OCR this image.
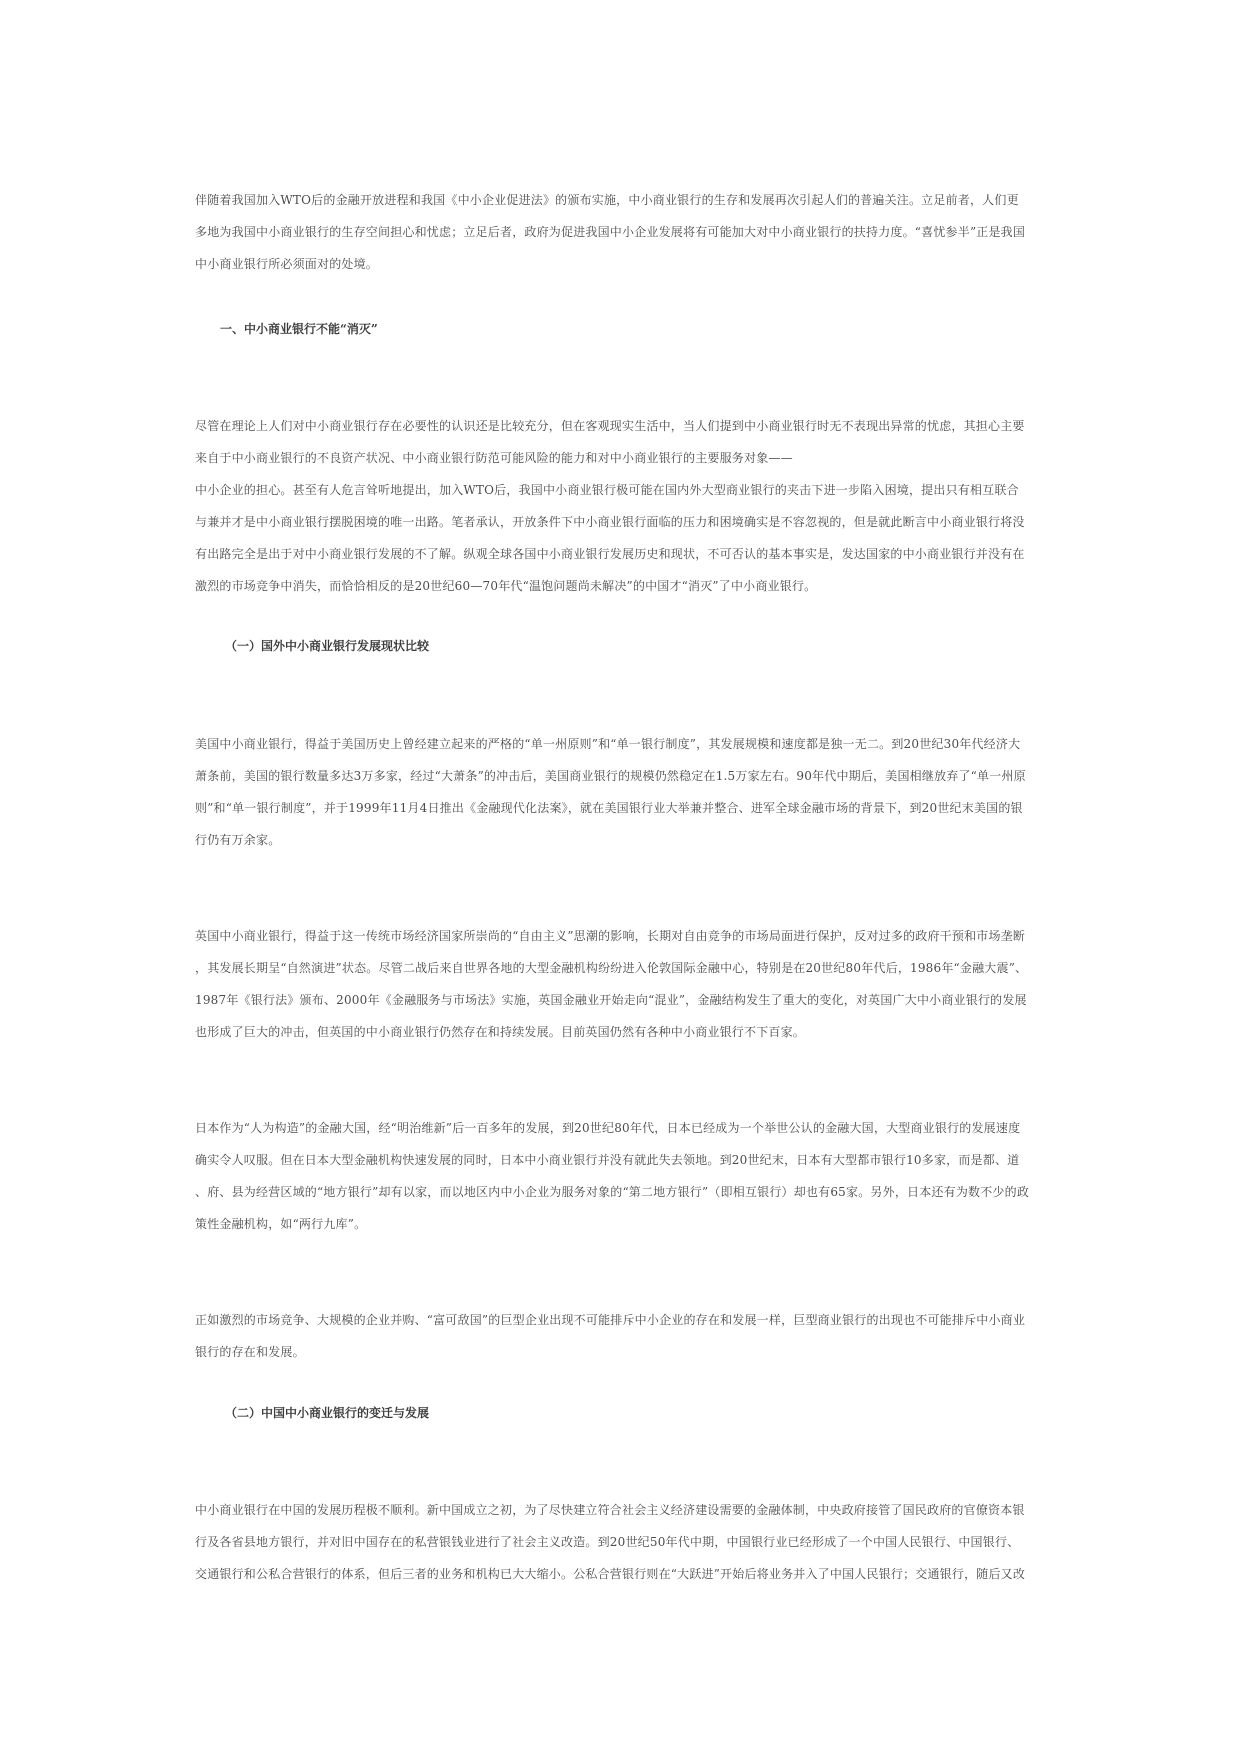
伴随着我国加入WTO后的金融开放进程和我国《中小企业促进法》的颁布实施，中小商业银行的生存和发展再次引起人们的普遍关注。立足前者，人们更

多地为我国中小商业银行的生存空间担心和忧虑；立足后者，政府为促进我国中小企业发展将有可能加大对中小商业银行的扶持力度。“喜忧参半”正是我国

中小商业银行所必须面对的处境。

一、中小商业银行不能“消灭”

尽管在理论上人们对中小商业银行存在必要性的认识还是比较充分，但在客观现实生活中，当人们提到中小商业银行时无不表现出异常的忧虑，其担心主要

来自于中小商业银行的不良资产状况、中小商业银行防范可能风险的能力和对中小商业银行的主要服务对象——

中小企业的担心。甚至有人危言耸听地提出，加入WTO后，我国中小商业银行极可能在国内外大型商业银行的夹击下进一步陷入困境，提出只有相互联合

与兼并才是中小商业银行摆脱困境的唯一出路。笔者承认，开放条件下中小商业银行面临的压力和困境确实是不容忽视的，但是就此断言中小商业银行将没

有出路完全是出于对中小商业银行发展的不了解。纵观全球各国中小商业银行发展历史和现状，不可否认的基本事实是，发达国家的中小商业银行并没有在

激烈的市场竞争中消失，而恰恰相反的是20世纪60—70年代“温饱问题尚未解决”的中国才“消灭”了中小商业银行。

（一）国外中小商业银行发展现状比较

美国中小商业银行，得益于美国历史上曾经建立起来的严格的“单一州原则”和“单一银行制度”，其发展规模和速度都是独一无二。到20世纪30年代经济大

萧条前，美国的银行数量多达3万多家，经过“大萧条”的冲击后，美国商业银行的规模仍然稳定在1.5万家左右。90年代中期后，美国相继放弃了“单一州原

则”和“单一银行制度”，并于1999年11月4日推出《金融现代化法案》，就在美国银行业大举兼并整合、进军全球金融市场的背景下，到20世纪末美国的银

行仍有万余家。

英国中小商业银行，得益于这一传统市场经济国家所崇尚的“自由主义”思潮的影响，长期对自由竞争的市场局面进行保护，反对过多的政府干预和市场垄断

，其发展长期呈“自然演进”状态。尽管二战后来自世界各地的大型金融机构纷纷进入伦敦国际金融中心，特别是在20世纪80年代后，1986年“金融大震”、

1987年《银行法》颁布、2000年《金融服务与市场法》实施，英国金融业开始走向“混业”，金融结构发生了重大的变化，对英国广大中小商业银行的发展

也形成了巨大的冲击，但英国的中小商业银行仍然存在和持续发展。目前英国仍然有各种中小商业银行不下百家。

日本作为“人为构造”的金融大国，经“明治维新”后一百多年的发展，到20世纪80年代，日本已经成为一个举世公认的金融大国，大型商业银行的发展速度

确实令人叹服。但在日本大型金融机构快速发展的同时，日本中小商业银行并没有就此失去领地。到20世纪末，日本有大型都市银行10多家，而是都、道

、府、县为经营区域的“地方银行”却有以家，而以地区内中小企业为服务对象的“第二地方银行”（即相互银行）却也有65家。另外，日本还有为数不少的政

策性金融机构，如“两行九库”。

正如激烈的市场竞争、大规模的企业并购、“富可敌国”的巨型企业出现不可能排斥中小企业的存在和发展一样，巨型商业银行的出现也不可能排斥中小商业

银行的存在和发展。

（二）中国中小商业银行的变迁与发展

中小商业银行在中国的发展历程极不顺利。新中国成立之初，为了尽快建立符合社会主义经济建设需要的金融体制，中央政府接管了国民政府的官僚资本银

行及各省县地方银行，并对旧中国存在的私营银钱业进行了社会主义改造。到20世纪50年代中期，中国银行业已经形成了一个中国人民银行、中国银行、

交通银行和公私合营银行的体系，但后三者的业务和机构已大大缩小。公私合营银行则在“大跃进”开始后将业务并入了中国人民银行；交通银行，随后又改
